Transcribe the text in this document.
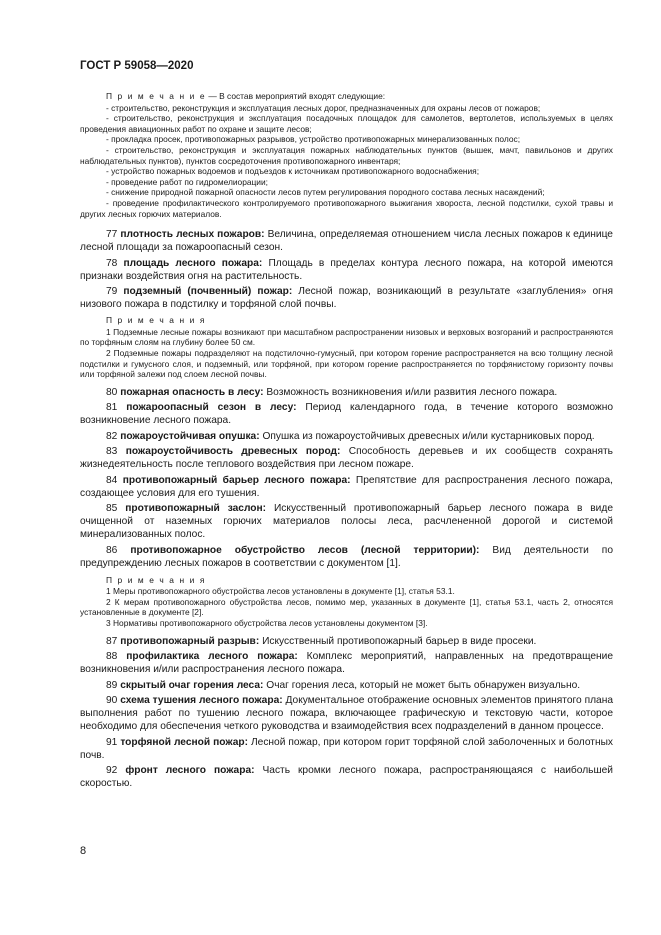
ГОСТ Р 59058—2020

П р и м е ч а н и е — В состав мероприятий входят следующие:

- строительство, реконструкция и эксплуатация лесных дорог, предназначенных для охраны лесов от пожаров;

- строительство, реконструкция и эксплуатация посадочных площадок для самолетов, вертолетов, используемых в целях проведения авиационных работ по охране и защите лесов;

- прокладка просек, противопожарных разрывов, устройство противопожарных минерализованных полос;

- строительство, реконструкция и эксплуатация пожарных наблюдательных пунктов (вышек, мачт, павильонов и других наблюдательных пунктов), пунктов сосредоточения противопожарного инвентаря;

- устройство пожарных водоемов и подъездов к источникам противопожарного водоснабжения;

- проведение работ по гидромелиорации;

- снижение природной пожарной опасности лесов путем регулирования породного состава лесных насаждений;

- проведение профилактического контролируемого противопожарного выжигания хвороста, лесной подстилки, сухой травы и других лесных горючих материалов.

77 плотность лесных пожаров: Величина, определяемая отношением числа лесных пожаров к единице лесной площади за пожароопасный сезон.

78 площадь лесного пожара: Площадь в пределах контура лесного пожара, на которой имеются признаки воздействия огня на растительность.

79 подземный (почвенный) пожар: Лесной пожар, возникающий в результате «заглубления» огня низового пожара в подстилку и торфяной слой почвы.

П р и м е ч а н и я

1 Подземные лесные пожары возникают при масштабном распространении низовых и верховых возгораний и распространяются по торфяным слоям на глубину более 50 см.

2 Подземные пожары подразделяют на подстилочно-гумусный, при котором горение распространяется на всю толщину лесной подстилки и гумусного слоя, и подземный, или торфяной, при котором горение распространяется по торфянистому горизонту почвы или торфяной залежи под слоем лесной почвы.

80 пожарная опасность в лесу: Возможность возникновения и/или развития лесного пожара.

81 пожароопасный сезон в лесу: Период календарного года, в течение которого возможно возникновение лесного пожара.

82 пожароустойчивая опушка: Опушка из пожароустойчивых древесных и/или кустарниковых пород.

83 пожароустойчивость древесных пород: Способность деревьев и их сообществ сохранять жизнедеятельность после теплового воздействия при лесном пожаре.

84 противопожарный барьер лесного пожара: Препятствие для распространения лесного пожара, создающее условия для его тушения.

85 противопожарный заслон: Искусственный противопожарный барьер лесного пожара в виде очищенной от наземных горючих материалов полосы леса, расчлененной дорогой и системой минерализованных полос.

86 противопожарное обустройство лесов (лесной территории): Вид деятельности по предупреждению лесных пожаров в соответствии с документом [1].

П р и м е ч а н и я

1 Меры противопожарного обустройства лесов установлены в документе [1], статья 53.1.

2 К мерам противопожарного обустройства лесов, помимо мер, указанных в документе [1], статья 53.1, часть 2, относятся установленные в документе [2].

3 Нормативы противопожарного обустройства лесов установлены документом [3].

87 противопожарный разрыв: Искусственный противопожарный барьер в виде просеки.

88 профилактика лесного пожара: Комплекс мероприятий, направленных на предотвращение возникновения и/или распространения лесного пожара.

89 скрытый очаг горения леса: Очаг горения леса, который не может быть обнаружен визуально.

90 схема тушения лесного пожара: Документальное отображение основных элементов принятого плана выполнения работ по тушению лесного пожара, включающее графическую и текстовую части, которое необходимо для обеспечения четкого руководства и взаимодействия всех подразделений в данном процессе.

91 торфяной лесной пожар: Лесной пожар, при котором горит торфяной слой заболоченных и болотных почв.

92 фронт лесного пожара: Часть кромки лесного пожара, распространяющаяся с наибольшей скоростью.

8
